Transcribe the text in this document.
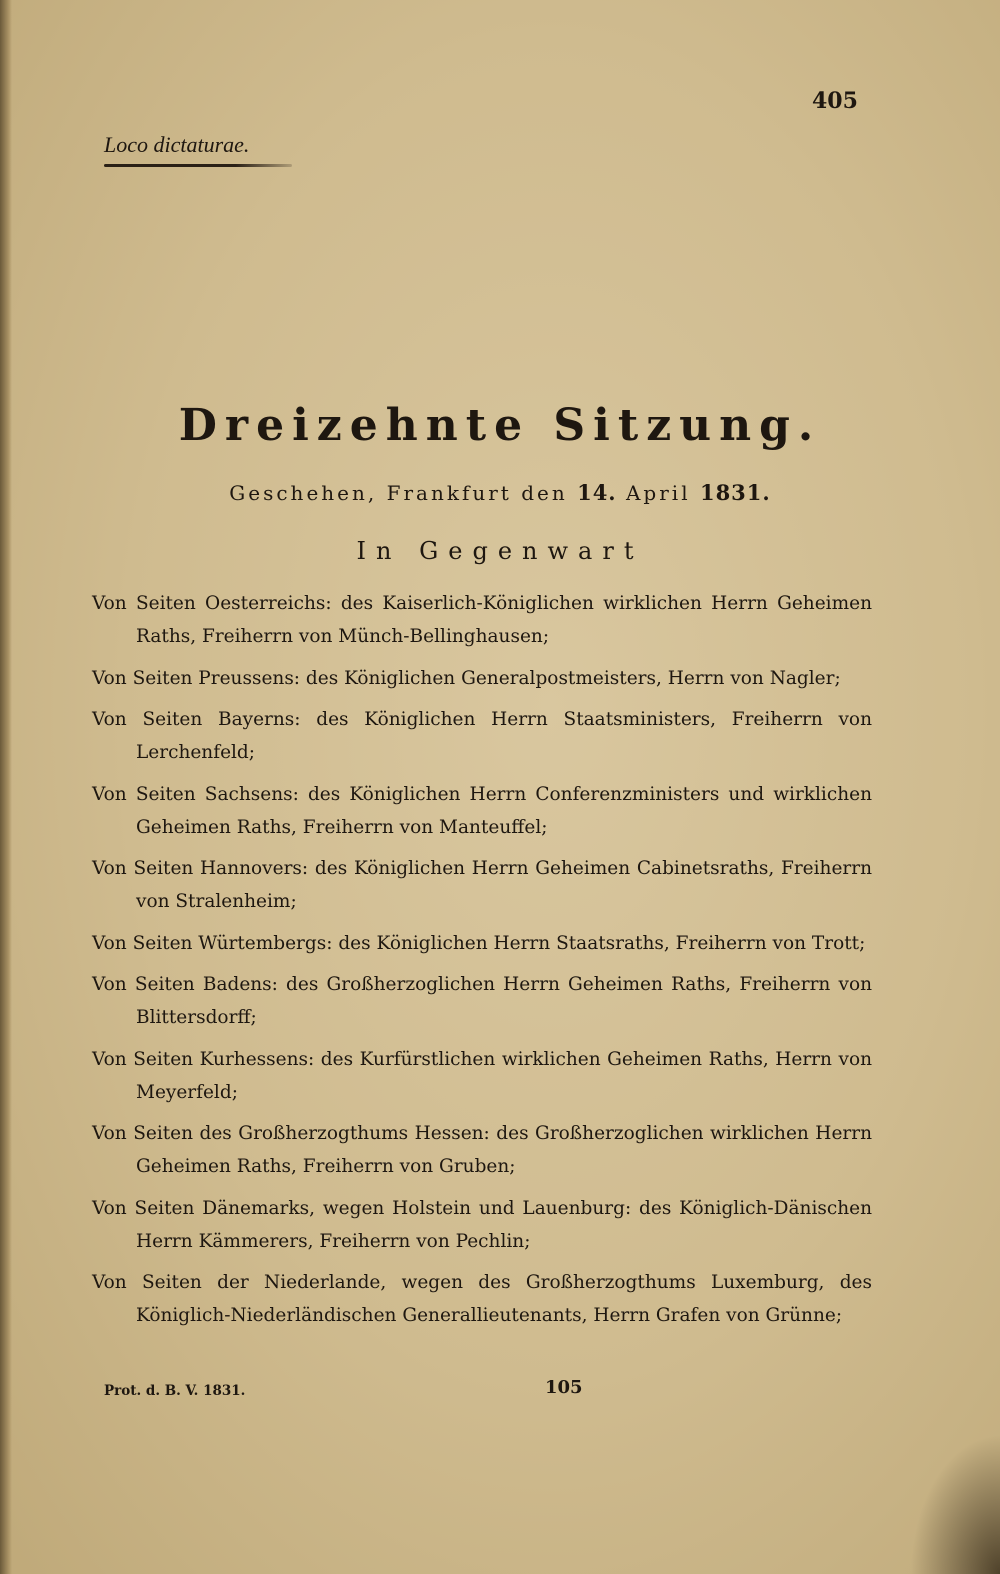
405
Loco dictaturae.
Dreizehnte Sitzung.
Geschehen, Frankfurt den 14. April 1831.
In Gegenwart

Von Seiten Oesterreichs: des Kaiserlich-Königlichen wirklichen Herrn Geheimen Raths, Freiherrn von Münch-Bellinghausen;

Von Seiten Preussens: des Königlichen Generalpostmeisters, Herrn von Nagler;

Von Seiten Bayerns: des Königlichen Herrn Staatsministers, Freiherrn von Lerchenfeld;

Von Seiten Sachsens: des Königlichen Herrn Conferenzministers und wirklichen Geheimen Raths, Freiherrn von Manteuffel;

Von Seiten Hannovers: des Königlichen Herrn Geheimen Cabinetsraths, Freiherrn von Stralenheim;

Von Seiten Würtembergs: des Königlichen Herrn Staatsraths, Freiherrn von Trott;

Von Seiten Badens: des Großherzoglichen Herrn Geheimen Raths, Freiherrn von Blittersdorff;

Von Seiten Kurhessens: des Kurfürstlichen wirklichen Geheimen Raths, Herrn von Meyerfeld;

Von Seiten des Großherzogthums Hessen: des Großherzoglichen wirklichen Herrn Geheimen Raths, Freiherrn von Gruben;

Von Seiten Dänemarks, wegen Holstein und Lauenburg: des Königlich-Dänischen Herrn Kämmerers, Freiherrn von Pechlin;

Von Seiten der Niederlande, wegen des Großherzogthums Luxemburg, des Königlich-Niederländischen Generallieutenants, Herrn Grafen von Grünne;

Prot. d. B. V. 1831.	105
